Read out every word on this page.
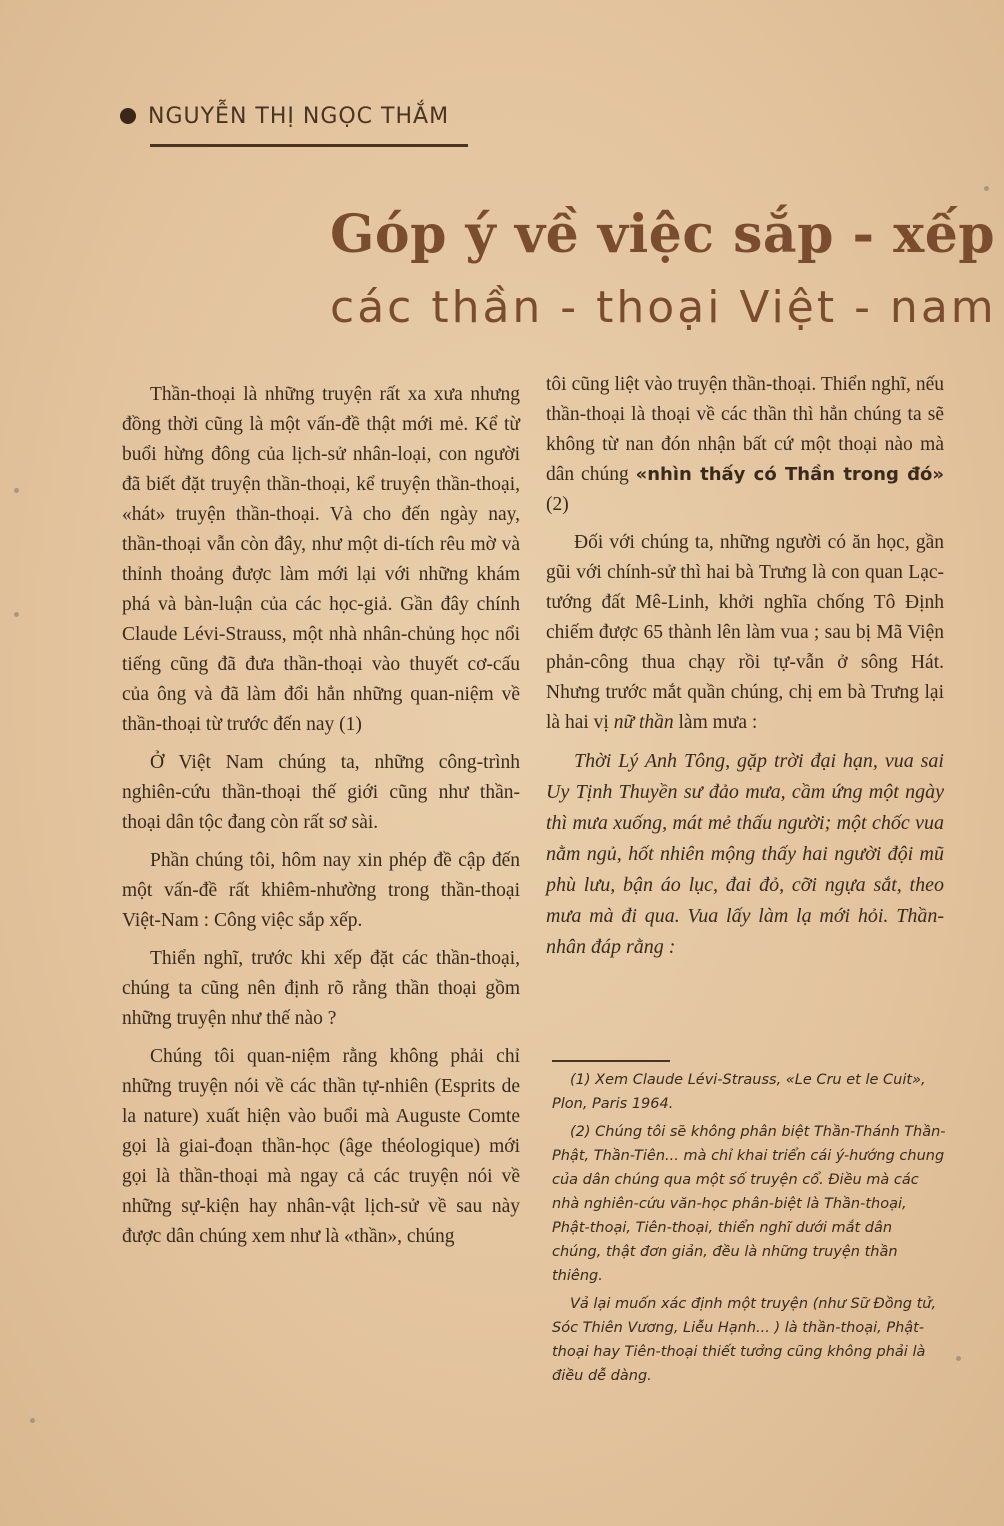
NGUYỄN THỊ NGỌC THẮM
Góp ý về việc sắp - xếp
các thần - thoại Việt - nam

Thần-thoại là những truyện rất xa xưa nhưng đồng thời cũng là một vấn-đề thật mới mẻ. Kể từ buổi hừng đông của lịch-sử nhân-loại, con người đã biết đặt truyện thần-thoại, kể truyện thần-thoại, «hát» truyện thần-thoại. Và cho đến ngày nay, thần-thoại vẫn còn đây, như một di-tích rêu mờ và thỉnh thoảng được làm mới lại với những khám phá và bàn-luận của các học-giả. Gần đây chính Claude Lévi-Strauss, một nhà nhân-chủng học nổi tiếng cũng đã đưa thần-thoại vào thuyết cơ-cấu của ông và đã làm đổi hẳn những quan-niệm về thần-thoại từ trước đến nay (1)

Ở Việt Nam chúng ta, những công-trình nghiên-cứu thần-thoại thế giới cũng như thần-thoại dân tộc đang còn rất sơ sài.

Phần chúng tôi, hôm nay xin phép đề cập đến một vấn-đề rất khiêm-nhường trong thần-thoại Việt-Nam : Công việc sắp xếp.

Thiển nghĩ, trước khi xếp đặt các thần-thoại, chúng ta cũng nên định rõ rằng thần thoại gồm những truyện như thế nào ?

Chúng tôi quan-niệm rằng không phải chỉ những truyện nói về các thần tự-nhiên (Esprits de la nature) xuất hiện vào buổi mà Auguste Comte gọi là giai-đoạn thần-học (âge théologique) mới gọi là thần-thoại mà ngay cả các truyện nói về những sự-kiện hay nhân-vật lịch-sử về sau này được dân chúng xem như là «thần», chúng

tôi cũng liệt vào truyện thần-thoại. Thiển nghĩ, nếu thần-thoại là thoại về các thần thì hẳn chúng ta sẽ không từ nan đón nhận bất cứ một thoại nào mà dân chúng «nhìn thấy có Thần trong đó» (2)

Đối với chúng ta, những người có ăn học, gần gũi với chính-sử thì hai bà Trưng là con quan Lạc-tướng đất Mê-Linh, khởi nghĩa chống Tô Định chiếm được 65 thành lên làm vua ; sau bị Mã Viện phản-công thua chạy rồi tự-vẫn ở sông Hát. Nhưng trước mắt quần chúng, chị em bà Trưng lại là hai vị nữ thần làm mưa :

Thời Lý Anh Tông, gặp trời đại hạn, vua sai Uy Tịnh Thuyền sư đảo mưa, cầm ứng một ngày thì mưa xuống, mát mẻ thấu người; một chốc vua nằm ngủ, hốt nhiên mộng thấy hai người đội mũ phù lưu, bận áo lục, đai đỏ, cỡi ngựa sắt, theo mưa mà đi qua. Vua lấy làm lạ mới hỏi. Thần-nhân đáp rằng :

(1) Xem Claude Lévi-Strauss, «Le Cru et le Cuit», Plon, Paris 1964.

(2) Chúng tôi sẽ không phân biệt Thần-Thánh Thần-Phật, Thần-Tiên... mà chỉ khai triển cái ý-hướng chung của dân chúng qua một số truyện cổ. Điều mà các nhà nghiên-cứu văn-học phân-biệt là Thần-thoại, Phật-thoại, Tiên-thoại, thiển nghĩ dưới mắt dân chúng, thật đơn giản, đều là những truyện thần thiêng.

Vả lại muốn xác định một truyện (như Sữ Đồng tử, Sóc Thiên Vương, Liễu Hạnh... ) là thần-thoại, Phật-thoại hay Tiên-thoại thiết tưởng cũng không phải là điều dễ dàng.
